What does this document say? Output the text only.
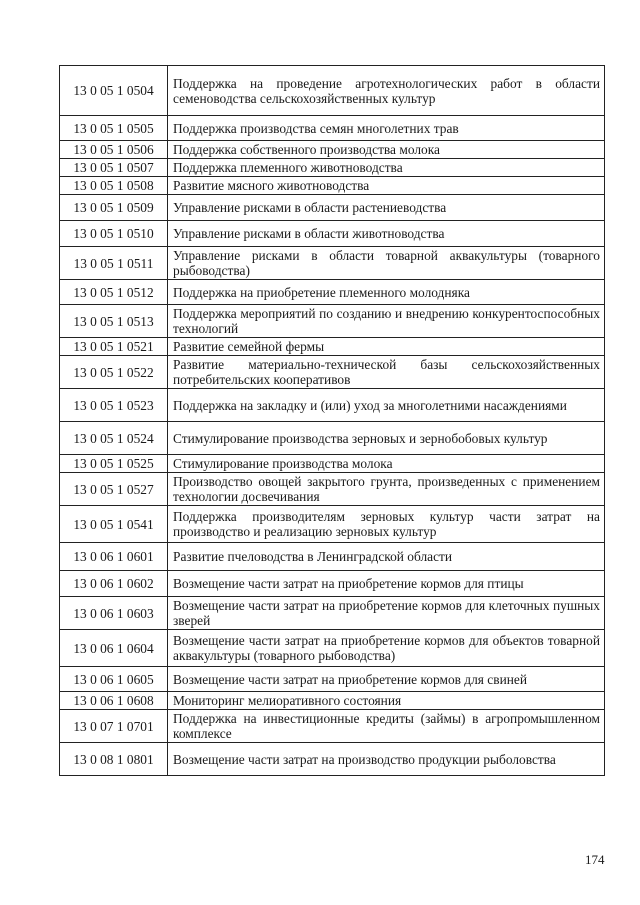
13 0 05 1 0504	Поддержка на проведение агротехнологических работ в области семеноводства сельскохозяйственных культур
13 0 05 1 0505	Поддержка производства семян многолетних трав
13 0 05 1 0506	Поддержка собственного производства молока
13 0 05 1 0507	Поддержка племенного животноводства
13 0 05 1 0508	Развитие мясного животноводства
13 0 05 1 0509	Управление рисками в области растениеводства
13 0 05 1 0510	Управление рисками в области животноводства
13 0 05 1 0511	Управление рисками в области товарной аквакультуры (товарного рыбоводства)
13 0 05 1 0512	Поддержка на приобретение племенного молодняка
13 0 05 1 0513	Поддержка мероприятий по созданию и внедрению конкурентоспособных технологий
13 0 05 1 0521	Развитие семейной фермы
13 0 05 1 0522	Развитие материально-технической базы сельскохозяйственных потребительских кооперативов
13 0 05 1 0523	Поддержка на закладку и (или) уход за многолетними насаждениями
13 0 05 1 0524	Стимулирование производства зерновых и зернобобовых культур
13 0 05 1 0525	Стимулирование производства молока
13 0 05 1 0527	Производство овощей закрытого грунта, произведенных с применением технологии досвечивания
13 0 05 1 0541	Поддержка производителям зерновых культур части затрат на производство и реализацию зерновых культур
13 0 06 1 0601	Развитие пчеловодства в Ленинградской области
13 0 06 1 0602	Возмещение части затрат на приобретение кормов для птицы
13 0 06 1 0603	Возмещение части затрат на приобретение кормов для клеточных пушных зверей
13 0 06 1 0604	Возмещение части затрат на приобретение кормов для объектов товарной аквакультуры (товарного рыбоводства)
13 0 06 1 0605	Возмещение части затрат на приобретение кормов для свиней
13 0 06 1 0608	Мониторинг мелиоративного состояния
13 0 07 1 0701	Поддержка на инвестиционные кредиты (займы) в агропромышленном комплексе
13 0 08 1 0801	Возмещение части затрат на производство продукции рыболовства
174
